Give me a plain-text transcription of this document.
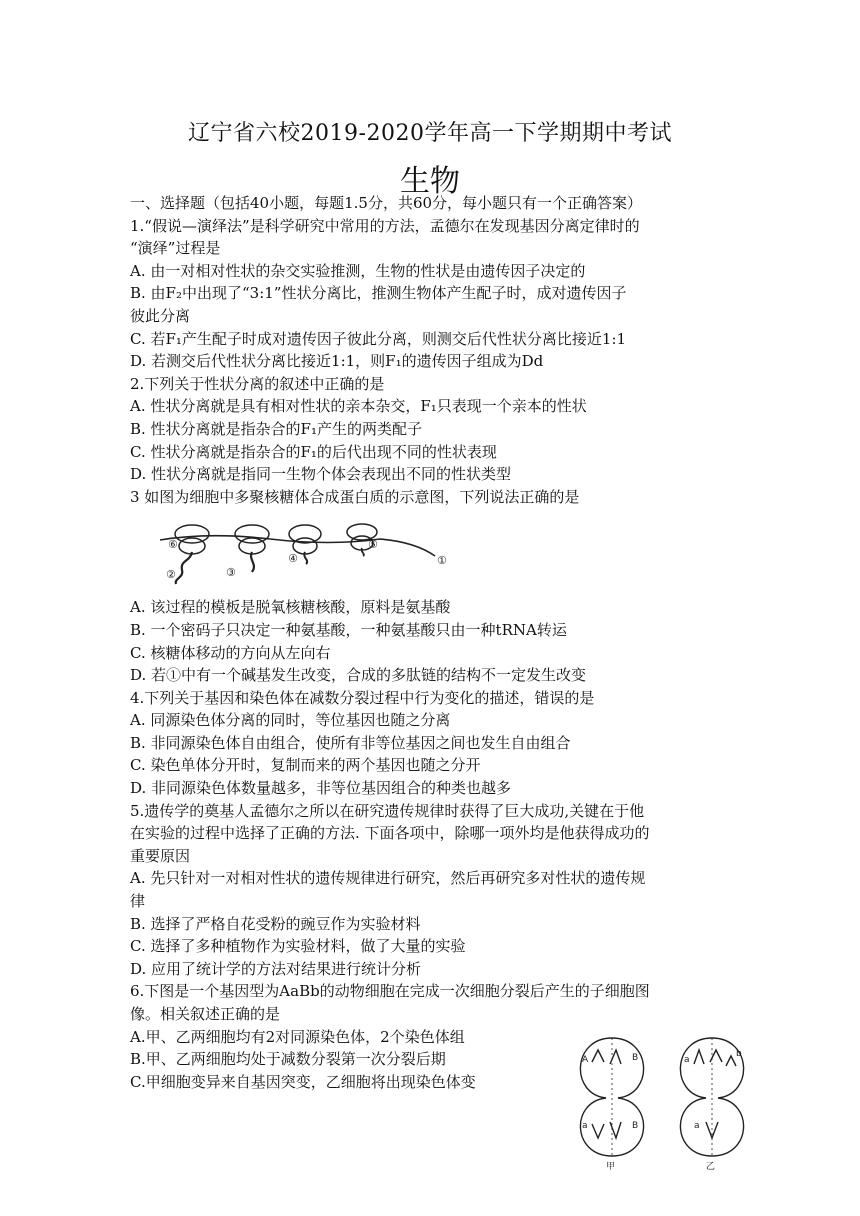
辽宁省六校2019-2020学年高一下学期期中考试
生物

一、选择题（包括40小题，每题1.5分，共60分，每小题只有一个正确答案）

1.“假说—演绎法”是科学研究中常用的方法，孟德尔在发现基因分离定律时的

“演绎”过程是

A. 由一对相对性状的杂交实验推测，生物的性状是由遗传因子决定的

B. 由F₂中出现了“3:1”性状分离比，推测生物体产生配子时，成对遗传因子

彼此分离

C. 若F₁产生配子时成对遗传因子彼此分离，则测交后代性状分离比接近1:1

D. 若测交后代性状分离比接近1:1，则F₁的遗传因子组成为Dd

2.下列关于性状分离的叙述中正确的是

A. 性状分离就是具有相对性状的亲本杂交，F₁只表现一个亲本的性状

B. 性状分离就是指杂合的F₁产生的两类配子

C. 性状分离就是指杂合的F₁的后代出现不同的性状表现

D. 性状分离就是指同一生物个体会表现出不同的性状类型

3 如图为细胞中多聚核糖体合成蛋白质的示意图，下列说法正确的是

⑥
②	③
④
⑤
①

A. 该过程的模板是脱氧核糖核酸，原料是氨基酸

B. 一个密码子只决定一种氨基酸，一种氨基酸只由一种tRNA转运

C. 核糖体移动的方向从左向右

D. 若①中有一个碱基发生改变，合成的多肽链的结构不一定发生改变

4.下列关于基因和染色体在减数分裂过程中行为变化的描述，错误的是

A. 同源染色体分离的同时，等位基因也随之分离

B. 非同源染色体自由组合，使所有非等位基因之间也发生自由组合

C. 染色单体分开时，复制而来的两个基因也随之分开

D. 非同源染色体数量越多，非等位基因组合的种类也越多

5.遗传学的奠基人孟德尔之所以在研究遗传规律时获得了巨大成功,关键在于他

在实验的过程中选择了正确的方法. 下面各项中，除哪一项外均是他获得成功的

重要原因

A. 先只针对一对相对性状的遗传规律进行研究，然后再研究多对性状的遗传规

律

B. 选择了严格自花受粉的豌豆作为实验材料

C. 选择了多种植物作为实验材料，做了大量的实验

D. 应用了统计学的方法对结果进行统计分析

6.下图是一个基因型为AaBb的动物细胞在完成一次细胞分裂后产生的子细胞图

像。相关叙述正确的是

A.甲、乙两细胞均有2对同源染色体，2个染色体组

B.甲、乙两细胞均处于减数分裂第一次分裂后期

C.甲细胞变异来自基因突变，乙细胞将出现染色体变

A	B
a	B
a
b
a
甲	乙
